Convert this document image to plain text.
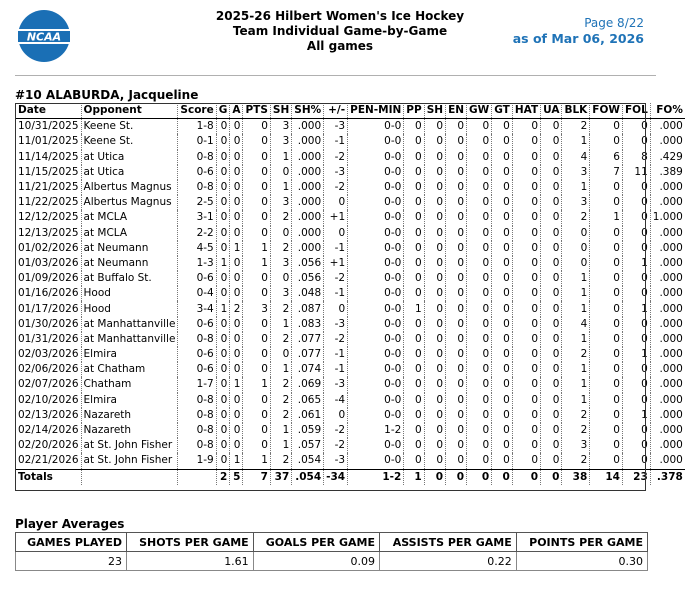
NCAA
2025-26 Hilbert Women's Ice Hockey
Team Individual Game-by-Game
All games
Page 8/22
as of Mar 06, 2026
#10 ALABURDA, Jacqueline
Date	Opponent	Score	G	A	PTS	SH	SH%	+/-	PEN-MIN	PP	SH	EN	GW	GT	HAT	UA	BLK	FOW	FOL	FO%
10/31/2025	Keene St.	1-8	0	0	0	3	.000	-3	0-0	0	0	0	0	0	0	0	2	0	0	.000
11/01/2025	Keene St.	0-1	0	0	0	3	.000	-1	0-0	0	0	0	0	0	0	0	1	0	0	.000
11/14/2025	at Utica	0-8	0	0	0	1	.000	-2	0-0	0	0	0	0	0	0	0	4	6	8	.429
11/15/2025	at Utica	0-6	0	0	0	0	.000	-3	0-0	0	0	0	0	0	0	0	3	7	11	.389
11/21/2025	Albertus Magnus	0-8	0	0	0	1	.000	-2	0-0	0	0	0	0	0	0	0	1	0	0	.000
11/22/2025	Albertus Magnus	2-5	0	0	0	3	.000	0	0-0	0	0	0	0	0	0	0	3	0	0	.000
12/12/2025	at MCLA	3-1	0	0	0	2	.000	+1	0-0	0	0	0	0	0	0	0	2	1	0	1.000
12/13/2025	at MCLA	2-2	0	0	0	0	.000	0	0-0	0	0	0	0	0	0	0	0	0	0	.000
01/02/2026	at Neumann	4-5	0	1	1	2	.000	-1	0-0	0	0	0	0	0	0	0	0	0	0	.000
01/03/2026	at Neumann	1-3	1	0	1	3	.056	+1	0-0	0	0	0	0	0	0	0	0	0	1	.000
01/09/2026	at Buffalo St.	0-6	0	0	0	0	.056	-2	0-0	0	0	0	0	0	0	0	1	0	0	.000
01/16/2026	Hood	0-4	0	0	0	3	.048	-1	0-0	0	0	0	0	0	0	0	1	0	0	.000
01/17/2026	Hood	3-4	1	2	3	2	.087	0	0-0	1	0	0	0	0	0	0	1	0	1	.000
01/30/2026	at Manhattanville	0-6	0	0	0	1	.083	-3	0-0	0	0	0	0	0	0	0	4	0	0	.000
01/31/2026	at Manhattanville	0-8	0	0	0	2	.077	-2	0-0	0	0	0	0	0	0	0	1	0	0	.000
02/03/2026	Elmira	0-6	0	0	0	0	.077	-1	0-0	0	0	0	0	0	0	0	2	0	1	.000
02/06/2026	at Chatham	0-6	0	0	0	1	.074	-1	0-0	0	0	0	0	0	0	0	1	0	0	.000
02/07/2026	Chatham	1-7	0	1	1	2	.069	-3	0-0	0	0	0	0	0	0	0	1	0	0	.000
02/10/2026	Elmira	0-8	0	0	0	2	.065	-4	0-0	0	0	0	0	0	0	0	1	0	0	.000
02/13/2026	Nazareth	0-8	0	0	0	2	.061	0	0-0	0	0	0	0	0	0	0	2	0	1	.000
02/14/2026	Nazareth	0-8	0	0	0	1	.059	-2	1-2	0	0	0	0	0	0	0	2	0	0	.000
02/20/2026	at St. John Fisher	0-8	0	0	0	1	.057	-2	0-0	0	0	0	0	0	0	0	3	0	0	.000
02/21/2026	at St. John Fisher	1-9	0	1	1	2	.054	-3	0-0	0	0	0	0	0	0	0	2	0	0	.000
Totals			2	5	7	37	.054	-34	1-2	1	0	0	0	0	0	0	38	14	23	.378
Player Averages
GAMES PLAYED	SHOTS PER GAME	GOALS PER GAME	ASSISTS PER GAME	POINTS PER GAME
23	1.61	0.09	0.22	0.30
